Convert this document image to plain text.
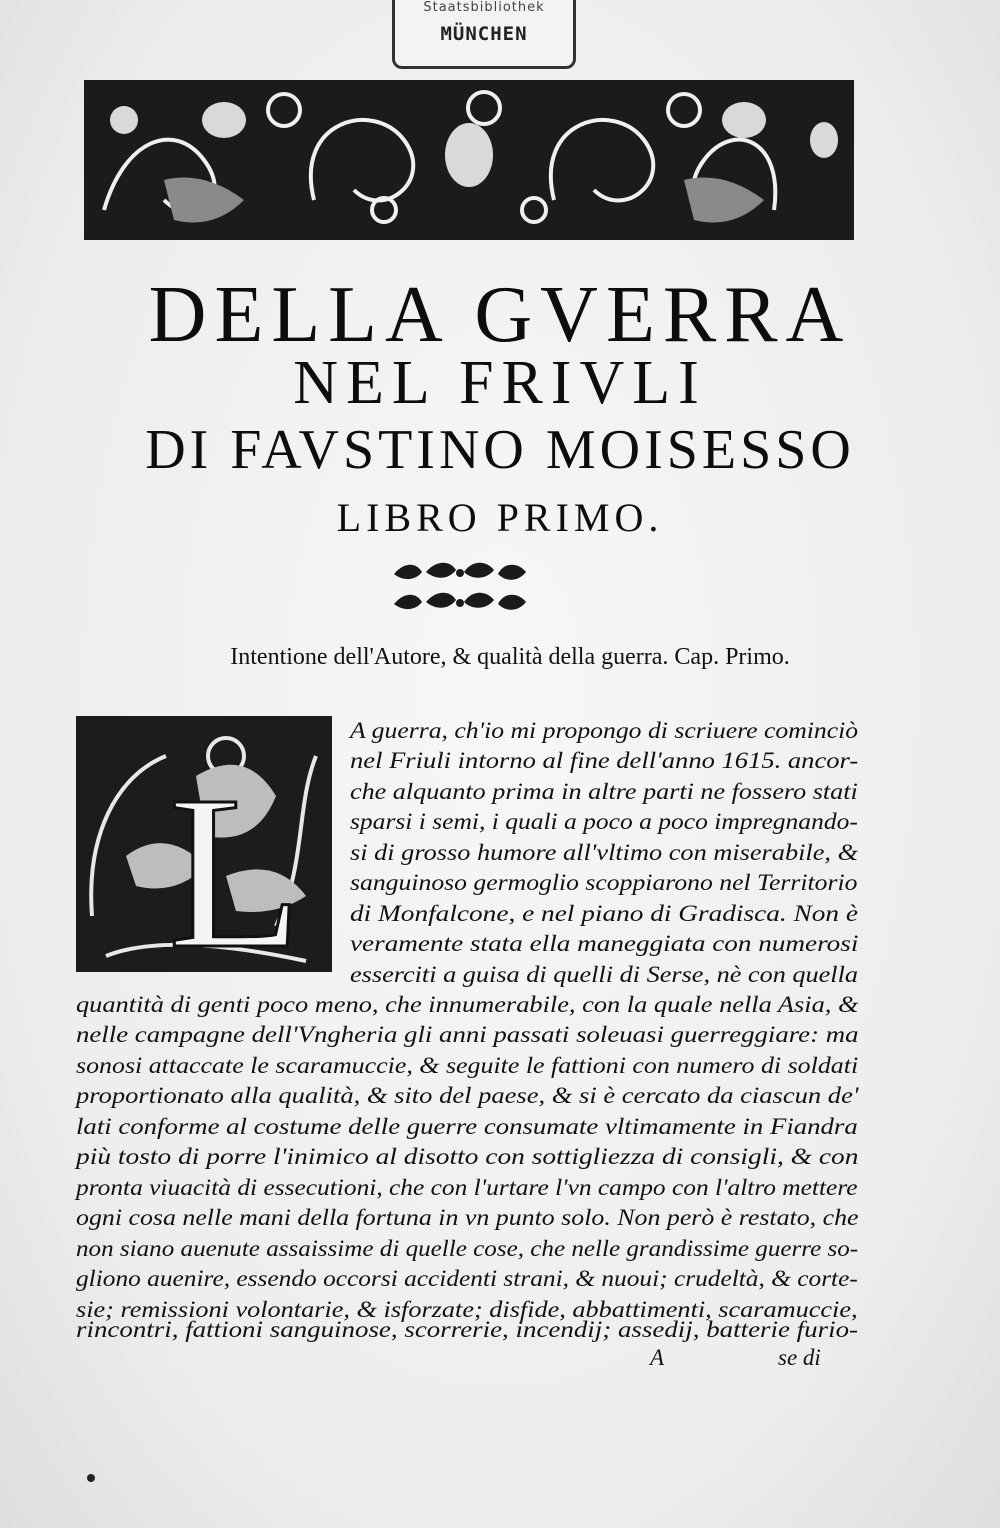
Staatsbibliothek
MÜNCHEN
DELLA GVERRA
NEL FRIVLI
DI FAVSTINO MOISESSO
LIBRO PRIMO.
Intentione dell'Autore, & qualità della guerra. Cap. Primo.
L
A guerra, ch'io mi propongo di scriuere cominciò
nel Friuli intorno al fine dell'anno 1615. ancor-
che alquanto prima in altre parti ne fossero stati
sparsi i semi, i quali a poco a poco impregnando-
si di grosso humore all'vltimo con miserabile, &
sanguinoso germoglio scoppiarono nel Territorio
di Monfalcone, e nel piano di Gradisca. Non è
veramente stata ella maneggiata con numerosi
esserciti a guisa di quelli di Serse, nè con quella
quantità di genti poco meno, che innumerabile, con la quale nella Asia, &
nelle campagne dell'Vngheria gli anni passati soleuasi guerreggiare: ma
sonosi attaccate le scaramuccie, & seguite le fattioni con numero di soldati
proportionato alla qualità, & sito del paese, & si è cercato da ciascun de'
lati conforme al costume delle guerre consumate vltimamente in Fiandra
più tosto di porre l'inimico al disotto con sottigliezza di consigli, & con
pronta viuacità di essecutioni, che con l'urtare l'vn campo con l'altro mettere
ogni cosa nelle mani della fortuna in vn punto solo. Non però è restato, che
non siano auenute assaissime di quelle cose, che nelle grandissime guerre so-
gliono auenire, essendo occorsi accidenti strani, & nuoui; crudeltà, & corte-
sie; remissioni volontarie, & isforzate; disfide, abbattimenti, scaramuccie,
rincontri, fattioni sanguinose, scorrerie, incendij; assedij, batterie furio-
A	se di
